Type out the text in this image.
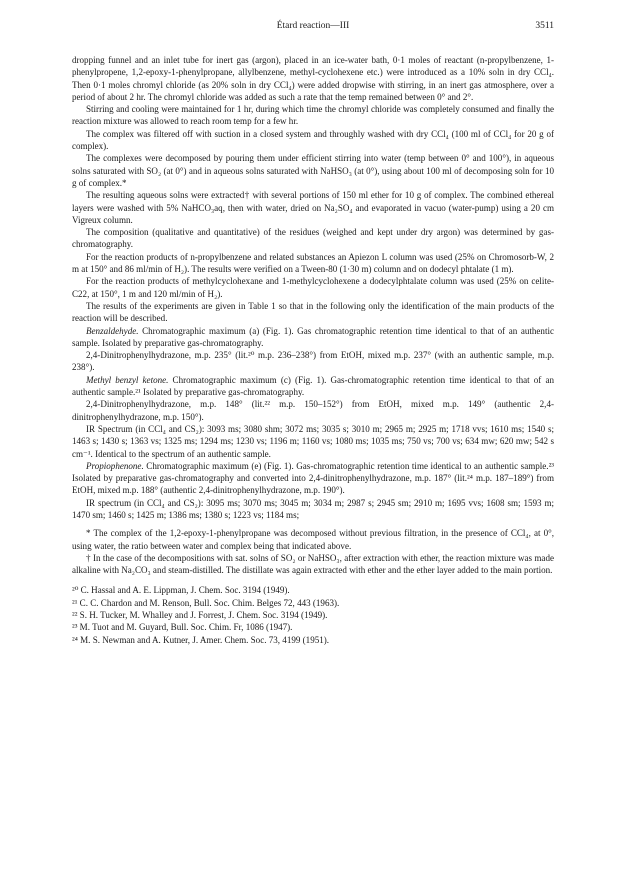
Étard reaction—III	3511

dropping funnel and an inlet tube for inert gas (argon), placed in an ice-water bath, 0·1 moles of reactant (n-propylbenzene, 1-phenylpropene, 1,2-epoxy-1-phenylpropane, allylbenzene, methyl-cyclohexene etc.) were introduced as a 10% soln in dry CCl₄. Then 0·1 moles chromyl chloride (as 20% soln in dry CCl₄) were added dropwise with stirring, in an inert gas atmosphere, over a period of about 2 hr. The chromyl chloride was added as such a rate that the temp remained between 0° and 2°.

Stirring and cooling were maintained for 1 hr, during which time the chromyl chloride was completely consumed and finally the reaction mixture was allowed to reach room temp for a few hr.

The complex was filtered off with suction in a closed system and throughly washed with dry CCl₄ (100 ml of CCl₄ for 20 g of complex).

The complexes were decomposed by pouring them under efficient stirring into water (temp between 0° and 100°), in aqueous solns saturated with SO₂ (at 0°) and in aqueous solns saturated with NaHSO₃ (at 0°), using about 100 ml of decomposing soln for 10 g of complex.*

The resulting aqueous solns were extracted† with several portions of 150 ml ether for 10 g of complex. The combined ethereal layers were washed with 5% NaHCO₃aq, then with water, dried on Na₂SO₄ and evaporated in vacuo (water-pump) using a 20 cm Vigreux column.

The composition (qualitative and quantitative) of the residues (weighed and kept under dry argon) was determined by gas-chromatography.

For the reaction products of n-propylbenzene and related substances an Apiezon L column was used (25% on Chromosorb-W, 2 m at 150° and 86 ml/min of H₂). The results were verified on a Tween-80 (1·30 m) column and on dodecyl phtalate (1 m).

For the reaction products of methylcyclohexane and 1-methylcyclohexene a dodecylphtalate column was used (25% on celite-C22, at 150°, 1 m and 120 ml/min of H₂).

The results of the experiments are given in Table 1 so that in the following only the identification of the main products of the reaction will be described.

Benzaldehyde. Chromatographic maximum (a) (Fig. 1). Gas chromatographic retention time identical to that of an authentic sample. Isolated by preparative gas-chromatography.

2,4-Dinitrophenylhydrazone, m.p. 235° (lit.²⁰ m.p. 236–238°) from EtOH, mixed m.p. 237° (with an authentic sample, m.p. 238°).

Methyl benzyl ketone. Chromatographic maximum (c) (Fig. 1). Gas-chromatographic retention time identical to that of an authentic sample.²¹ Isolated by preparative gas-chromatography.

2,4-Dinitrophenylhydrazone, m.p. 148° (lit.²² m.p. 150–152°) from EtOH, mixed m.p. 149° (authentic 2,4-dinitrophenylhydrazone, m.p. 150°).

IR Spectrum (in CCl₄ and CS₂): 3093 ms; 3080 shm; 3072 ms; 3035 s; 3010 m; 2965 m; 2925 m; 1718 vvs; 1610 ms; 1540 s; 1463 s; 1430 s; 1363 vs; 1325 ms; 1294 ms; 1230 vs; 1196 m; 1160 vs; 1080 ms; 1035 ms; 750 vs; 700 vs; 634 mw; 620 mw; 542 s cm⁻¹. Identical to the spectrum of an authentic sample.

Propiophenone. Chromatographic maximum (e) (Fig. 1). Gas-chromatographic retention time identical to an authentic sample.²³ Isolated by preparative gas-chromatography and converted into 2,4-dinitrophenylhydrazone, m.p. 187° (lit.²⁴ m.p. 187–189°) from EtOH, mixed m.p. 188° (authentic 2,4-dinitrophenylhydrazone, m.p. 190°).

IR spectrum (in CCl₄ and CS₂): 3095 ms; 3070 ms; 3045 m; 3034 m; 2987 s; 2945 sm; 2910 m; 1695 vvs; 1608 sm; 1593 m; 1470 sm; 1460 s; 1425 m; 1386 ms; 1380 s; 1223 vs; 1184 ms;

* The complex of the 1,2-epoxy-1-phenylpropane was decomposed without previous filtration, in the presence of CCl₄, at 0°, using water, the ratio between water and complex being that indicated above.

† In the case of the decompositions with sat. solns of SO₂ or NaHSO₃, after extraction with ether, the reaction mixture was made alkaline with Na₂CO₃ and steam-distilled. The distillate was again extracted with ether and the ether layer added to the main portion.

²⁰ C. Hassal and A. E. Lippman, J. Chem. Soc. 3194 (1949).

²¹ C. C. Chardon and M. Renson, Bull. Soc. Chim. Belges 72, 443 (1963).

²² S. H. Tucker, M. Whalley and J. Forrest, J. Chem. Soc. 3194 (1949).

²³ M. Tuot and M. Guyard, Bull. Soc. Chim. Fr, 1086 (1947).

²⁴ M. S. Newman and A. Kutner, J. Amer. Chem. Soc. 73, 4199 (1951).
